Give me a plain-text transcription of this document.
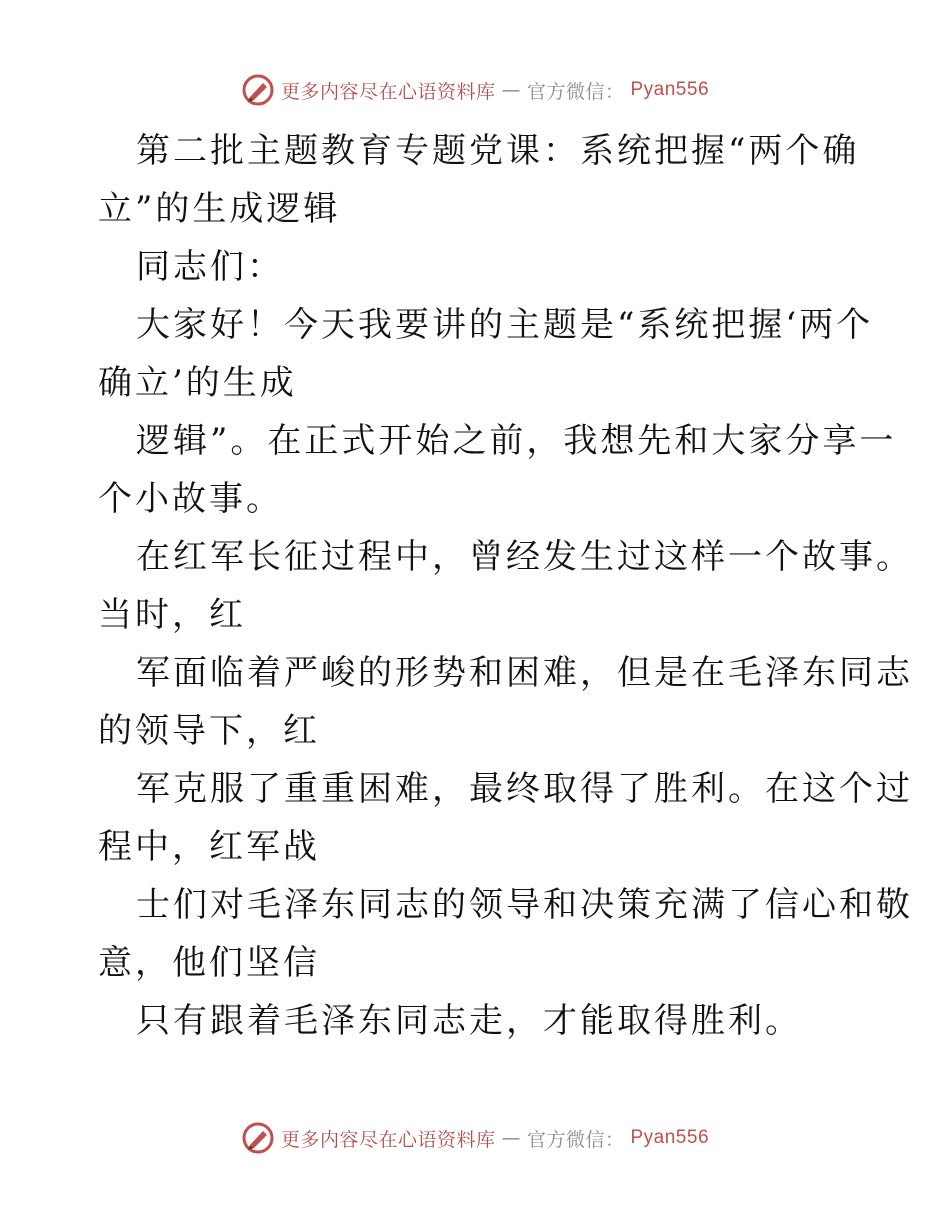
更多内容尽在心语资料库 — 官方微信： Pyan556
第二批主题教育专题党课：系统把握“两个确
立”的生成逻辑
同志们：
大家好！今天我要讲的主题是“系统把握‘两个
确立’的生成
逻辑”。在正式开始之前，我想先和大家分享一
个小故事。
在红军长征过程中，曾经发生过这样一个故事。
当时，红
军面临着严峻的形势和困难，但是在毛泽东同志
的领导下，红
军克服了重重困难，最终取得了胜利。在这个过
程中，红军战
士们对毛泽东同志的领导和决策充满了信心和敬
意，他们坚信
只有跟着毛泽东同志走，才能取得胜利。
更多内容尽在心语资料库 — 官方微信： Pyan556
